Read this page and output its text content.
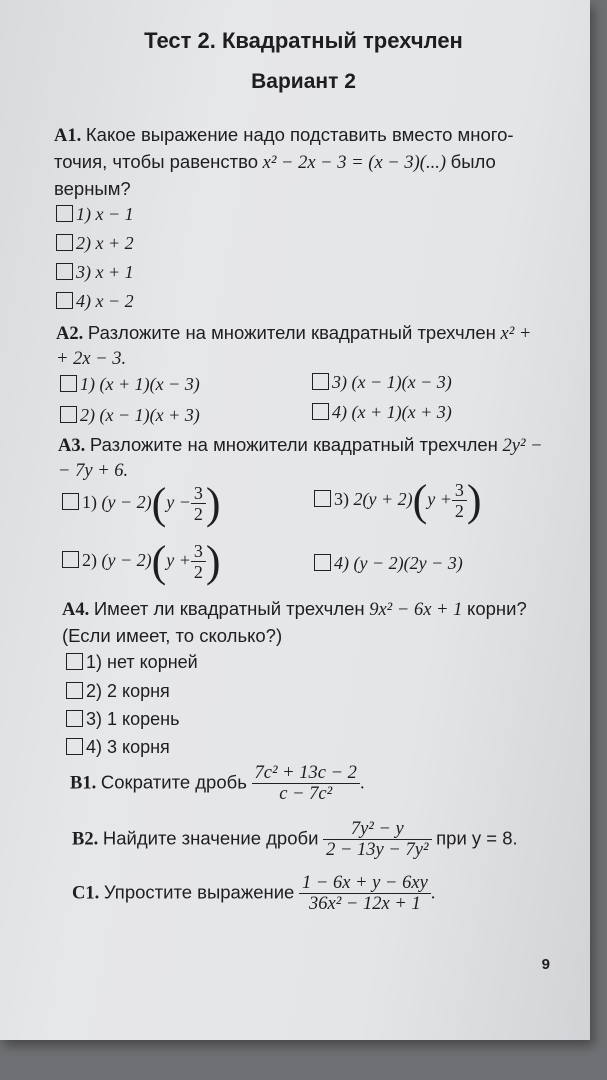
Тест 2. Квадратный трехчлен
Вариант 2
А1. Какое выражение надо подставить вместо много-
точия, чтобы равенство x² − 2x − 3 = (x − 3)(...) было
верным?
1) x − 1
2) x + 2
3) x + 1
4) x − 2
А2. Разложите на множители квадратный трехчлен x² +
+ 2x − 3.
1) (x + 1)(x − 3)	3) (x − 1)(x − 3)
2) (x − 1)(x + 3)	4) (x + 1)(x + 3)
А3. Разложите на множители квадратный трехчлен 2y² −
− 7y + 6.
1) $(y - 2)(y - \frac{3}{2}$ )	3) $2(y + 2)(y + \frac{3}{2}$ )
2) $(y - 2)(y + \frac{3}{2}$ )	4) (y − 2)(2y − 3)
А4. Имеет ли квадратный трехчлен 9x² − 6x + 1 корни?
(Если имеет, то сколько?)
1) нет корней
2) 2 корня
3) 1 корень
4) 3 корня
В1. Сократите дробь $\frac{\text{7c² + 13c − 2}}{\text{c − 7c²}}$ .
В2. Найдите значение дроби $\frac{\text{7y² − y}}{\text{2 − 13y − 7y²}}$ при y = 8.
С1. Упростите выражение $\frac{1 - 6x + y - 6xy}{\text{36x² − 12x + 1}}$ .
9
